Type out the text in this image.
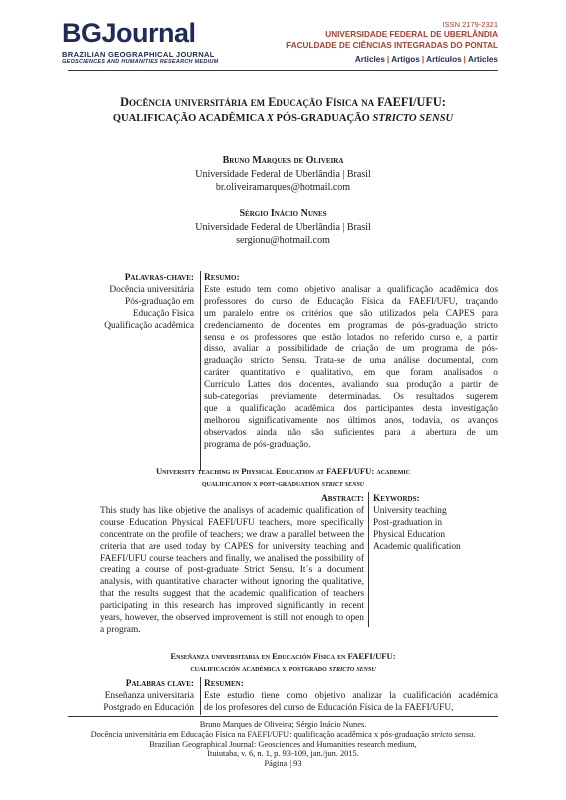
BGJournal
BRAZILIAN GEOGRAPHICAL JOURNAL
GEOSCIENCES AND HUMANITIES RESEARCH MEDIUM
ISSN 2179-2321
UNIVERSIDADE FEDERAL DE UBERLÂNDIA
FACULDADE DE CIÊNCIAS INTEGRADAS DO PONTAL
Articles | Artigos | Artículos | Articles
Docência universitária em Educação Física na FAEFI/UFU:
QUALIFICAÇÃO ACADÊMICA X PÓS-GRADUAÇÃO STRICTO SENSU
Bruno Marques de Oliveira
Universidade Federal de Uberlândia | Brasil
br.oliveiramarques@hotmail.com
Sérgio Inácio Nunes
Universidade Federal de Uberlândia | Brasil
sergionu@hotmail.com
Palavras-chave:
Docência universitária
Pós-graduação em
Educação Física
Qualificação acadêmica
Resumo:
Este estudo tem como objetivo analisar a qualificação acadêmica dos
professores do curso de Educação Física da FAEFI/UFU, traçando
um paralelo entre os critérios que são utilizados pela CAPES para
credenciamento de docentes em programas de pós-graduação stricto
sensu e os professores que estão lotados no referido curso e, a partir
disso, avaliar a possibilidade de criação de um programa de pós-
graduação stricto Sensu. Trata-se de uma análise documental, com
caráter quantitativo e qualitativo, em que foram analisados o
Currículo Lattes dos docentes, avaliando sua produção a partir de
sub-categorias previamente determinadas. Os resultados sugerem
que a qualificação acadêmica dos participantes desta investigação
melhorou significativamente nos últimos anos, todavia, os avanços
observados ainda não são suficientes para a abertura de um
programa de pós-graduação.
University teaching in Physical Education at FAEFI/UFU: academic
qualification x post-graduation strict sensu
Abstract:
This study has like objetive the analisys of academic qualification of
course Education Physical FAEFI/UFU teachers, more specifically
concentrate on the profile of teachers; we draw a parallel between the
criteria that are used today by CAPES for university teaching and
FAEFI/UFU course teachers and finally, we analised the possibility of
creating a course of post-graduate Strict Sensu. It´s a document
analysis, with quantitative character without ignoring the qualitative,
that the results suggest that the academic qualification of teachers
participating in this research has improved significantly in recent
years, however, the observed improvement is still not enough to open
a program.
Keywords:
University teaching
Post-graduation in
Physical Education
Academic qualification
Enseñanza universitaria en Educación Física en FAEFI/UFU:
cualificación académica x postgrado stricto sensu
Palabras clave:
Enseñanza universitaria
Postgrado en Educación
Resumen:
Este estudio tiene como objetivo analizar la cualificación académica
de los profesores del curso de Educación Física de la FAEFI/UFU,
Bruno Marques de Oliveira; Sérgio Inácio Nunes.
Docência universitária em Educação Física na FAEFI/UFU: qualificação acadêmica x pós-graduação stricto sensu.
Brazilian Geographical Journal: Geosciences and Humanities research medium,
Ituiutaba, v. 6, n. 1, p. 93-109, jan./jun. 2015.
Página | 93
